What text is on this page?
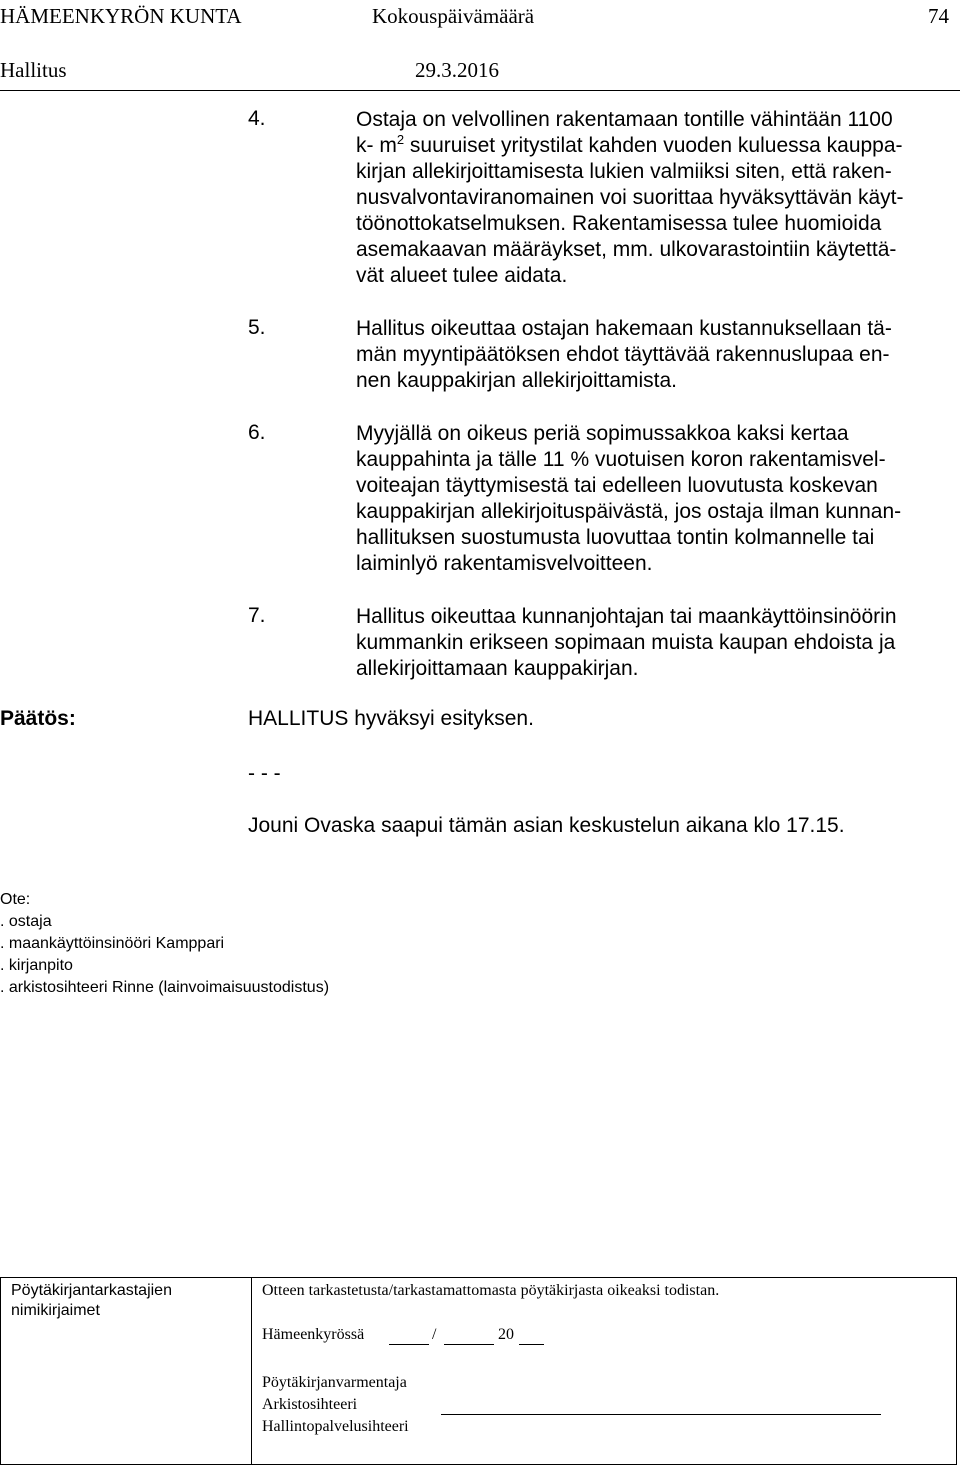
HÄMEENKYRÖN KUNTA	Kokouspäivämäärä	74
Hallitus	29.3.2016
4.	Ostaja on velvollinen rakentamaan tontille vähintään 1100
k- $m^2$ suuruiset yritystilat kahden vuoden kuluessa kauppa-
kirjan allekirjoittamisesta lukien valmiiksi siten, että raken-
nusvalvontaviranomainen voi suorittaa hyväksyttävän käyt-
töönottokatselmuksen. Rakentamisessa tulee huomioida
asemakaavan määräykset, mm. ulkovarastointiin käytettä-
vät alueet tulee aidata.
5.	Hallitus oikeuttaa ostajan hakemaan kustannuksellaan tä-
män myyntipäätöksen ehdot täyttävää rakennuslupaa en-
nen kauppakirjan allekirjoittamista.
6.	Myyjällä on oikeus periä sopimussakkoa kaksi kertaa
kauppahinta ja tälle 11 % vuotuisen koron rakentamisvel-
voiteajan täyttymisestä tai edelleen luovutusta koskevan
kauppakirjan allekirjoituspäivästä, jos ostaja ilman kunnan-
hallituksen suostumusta luovuttaa tontin kolmannelle tai
laiminlyö rakentamisvelvoitteen.
7.	Hallitus oikeuttaa kunnanjohtajan tai maankäyttöinsinöörin
kummankin erikseen sopimaan muista kaupan ehdoista ja
allekirjoittamaan kauppakirjan.
Päätös:	HALLITUS hyväksyi esityksen.
- - -
Jouni Ovaska saapui tämän asian keskustelun aikana klo 17.15.
Ote:
. ostaja
. maankäyttöinsinööri Kamppari
. kirjanpito
. arkistosihteeri Rinne (lainvoimaisuustodistus)
Pöytäkirjantarkastajien
nimikirjaimet
Otteen tarkastetusta/tarkastamattomasta pöytäkirjasta oikeaksi todistan.
Hämeenkyrössä	/	20
Pöytäkirjanvarmentaja
Arkistosihteeri
Hallintopalvelusihteeri
